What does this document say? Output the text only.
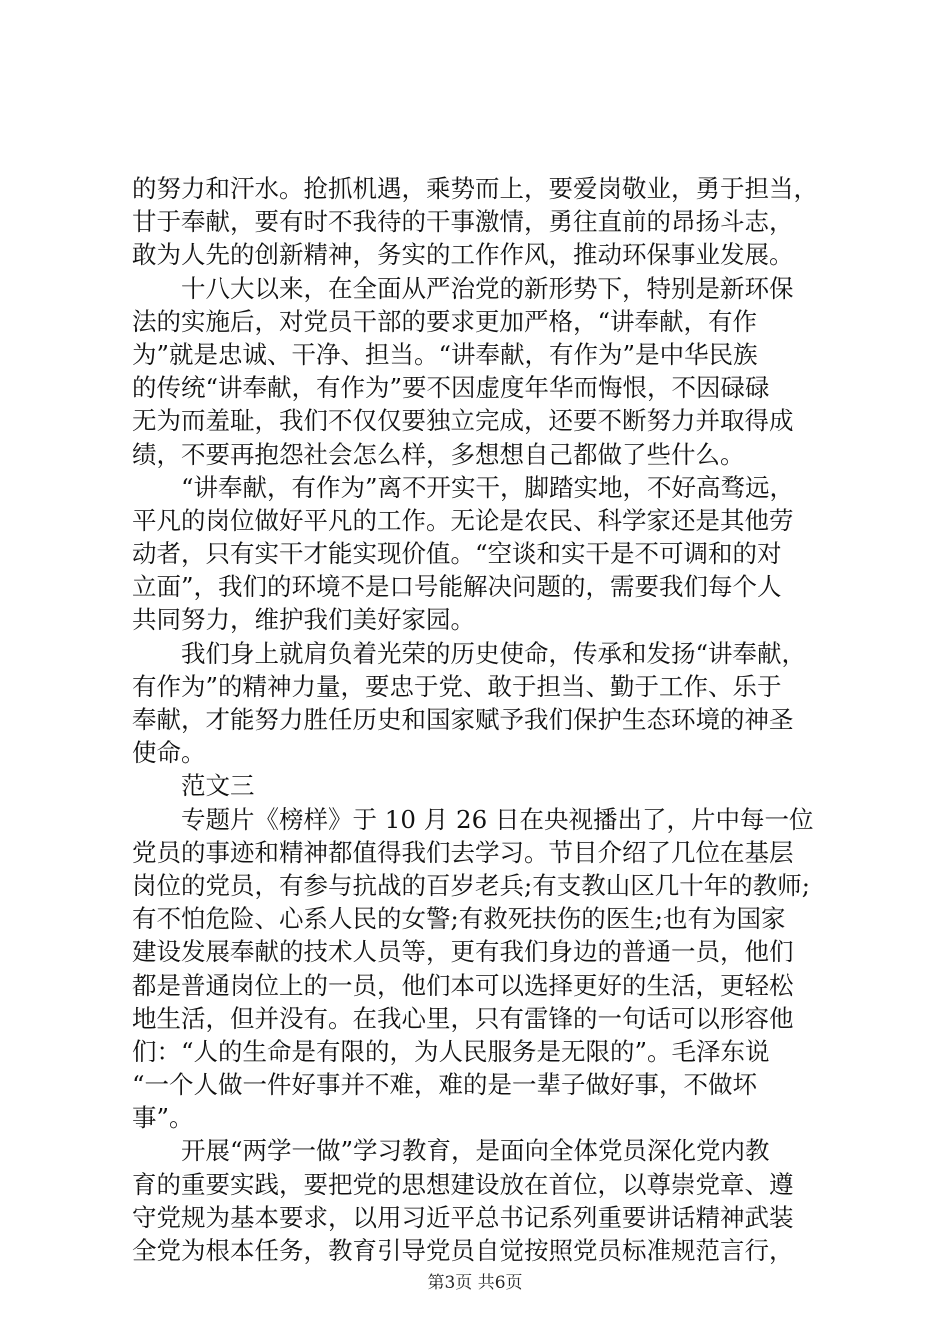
的努力和汗水。抢抓机遇，乘势而上，要爱岗敬业，勇于担当，
甘于奉献，要有时不我待的干事激情，勇往直前的昂扬斗志，
敢为人先的创新精神，务实的工作作风，推动环保事业发展。
　　十八大以来，在全面从严治党的新形势下，特别是新环保
法的实施后，对党员干部的要求更加严格，“讲奉献，有作
为”就是忠诚、干净、担当。“讲奉献，有作为”是中华民族
的传统“讲奉献，有作为”要不因虚度年华而悔恨，不因碌碌
无为而羞耻，我们不仅仅要独立完成，还要不断努力并取得成
绩，不要再抱怨社会怎么样，多想想自己都做了些什么。
　　“讲奉献，有作为”离不开实干，脚踏实地，不好高骛远，
平凡的岗位做好平凡的工作。无论是农民、科学家还是其他劳
动者，只有实干才能实现价值。“空谈和实干是不可调和的对
立面”，我们的环境不是口号能解决问题的，需要我们每个人
共同努力，维护我们美好家园。
　　我们身上就肩负着光荣的历史使命，传承和发扬“讲奉献，
有作为”的精神力量，要忠于党、敢于担当、勤于工作、乐于
奉献，才能努力胜任历史和国家赋予我们保护生态环境的神圣
使命。
　　范文三
　　专题片《榜样》于 10 月 26 日在央视播出了，片中每一位
党员的事迹和精神都值得我们去学习。节目介绍了几位在基层
岗位的党员，有参与抗战的百岁老兵;有支教山区几十年的教师;
有不怕危险、心系人民的女警;有救死扶伤的医生;也有为国家
建设发展奉献的技术人员等，更有我们身边的普通一员，他们
都是普通岗位上的一员，他们本可以选择更好的生活，更轻松
地生活，但并没有。在我心里，只有雷锋的一句话可以形容他
们：“人的生命是有限的，为人民服务是无限的”。毛泽东说
“一个人做一件好事并不难，难的是一辈子做好事，不做坏
事”。
　　开展“两学一做”学习教育，是面向全体党员深化党内教
育的重要实践，要把党的思想建设放在首位，以尊崇党章、遵
守党规为基本要求，以用习近平总书记系列重要讲话精神武装
全党为根本任务，教育引导党员自觉按照党员标准规范言行，
第3页 共6页
